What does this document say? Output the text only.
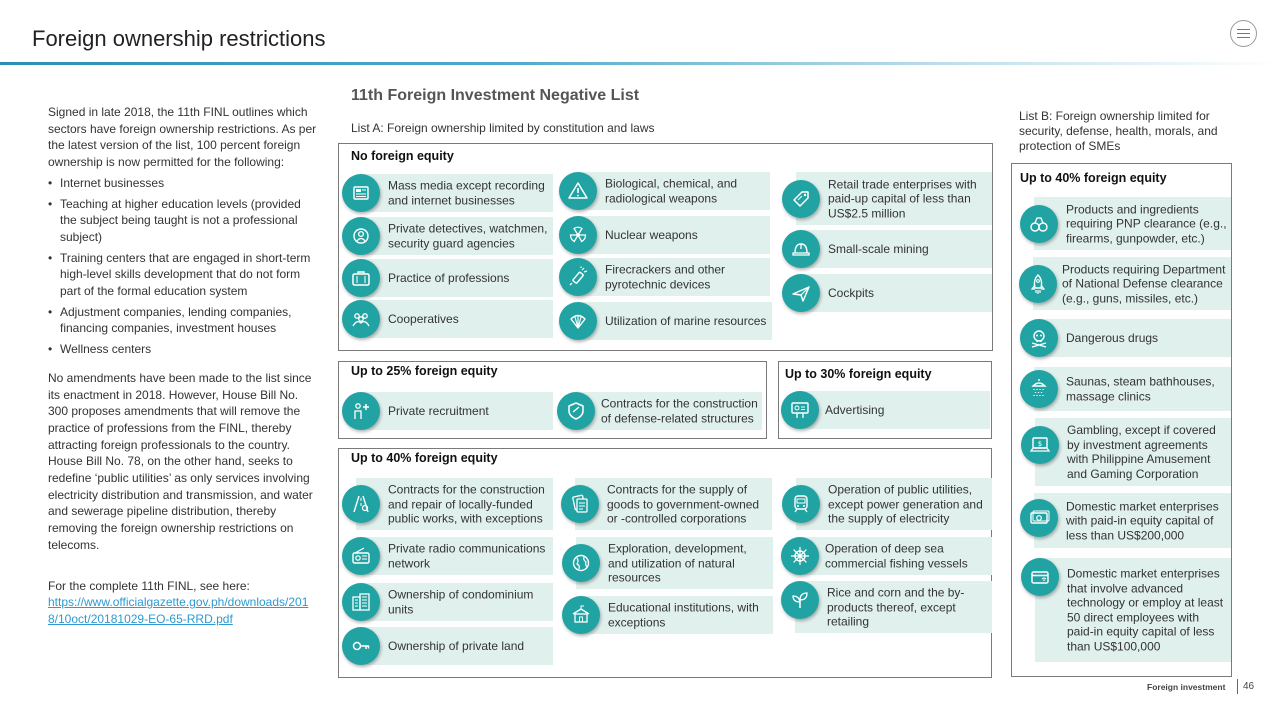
Foreign ownership restrictions

Signed in late 2018, the 11th FINL outlines which sectors have foreign ownership restrictions. As per the latest version of the list, 100 percent foreign ownership is now permitted for the following:

• Internet businesses
• Teaching at higher education levels (provided the subject being taught is not a professional subject)
• Training centers that are engaged in short-term high-level skills development that do not form part of the formal education system
• Adjustment companies, lending companies, financing companies, investment houses
• Wellness centers

No amendments have been made to the list since its enactment in 2018. However, House Bill No. 300 proposes amendments that will remove the practice of professions from the FINL, thereby attracting foreign professionals to the country. House Bill No. 78, on the other hand, seeks to redefine ‘public utilities’ as only services involving electricity distribution and transmission, and water and sewerage pipeline distribution, thereby removing the foreign ownership restrictions on telecoms.

For the complete 11th FINL, see here:

https://www.officialgazette.gov.ph/downloads/2018/10oct/20181029-EO-65-RRD.pdf
11th Foreign Investment Negative List
List A: Foreign ownership limited by constitution and laws
List B: Foreign ownership limited for security, defense, health, morals, and protection of SMEs
No foreign equity
Mass media except recording and internet businesses
Private detectives, watchmen, security guard agencies
Practice of professions
Cooperatives
Biological, chemical, and radiological weapons
Nuclear weapons
Firecrackers and other pyrotechnic devices
Utilization of marine resources
Retail trade enterprises with paid-up capital of less than US$2.5 million
Small-scale mining
Cockpits
Up to 25% foreign equity
Private recruitment
Contracts for the construction of defense-related structures
Up to 30% foreign equity
Advertising
Up to 40% foreign equity
Contracts for the construction and repair of locally-funded public works, with exceptions
Private radio communications network
Ownership of condominium units
Ownership of private land
Contracts for the supply of goods to government-owned or -controlled corporations
Exploration, development, and utilization of natural resources
Educational institutions, with exceptions
Operation of public utilities, except power generation and the supply of electricity
Operation of deep sea commercial fishing vessels
Rice and corn and the by-products thereof, except retailing
Up to 40% foreign equity
Products and ingredients requiring PNP clearance (e.g., firearms, gunpowder, etc.)
Products requiring Department of National Defense clearance (e.g., guns, missiles, etc.)
Dangerous drugs
Saunas, steam bathhouses, massage clinics
Gambling, except if covered by investment agreements with Philippine Amusement and Gaming Corporation
Domestic market enterprises with paid-in equity capital of less than US$200,000
Domestic market enterprises that involve advanced technology or employ at least 50 direct employees with paid-in equity capital of less than US$100,000
Foreign investment 46
